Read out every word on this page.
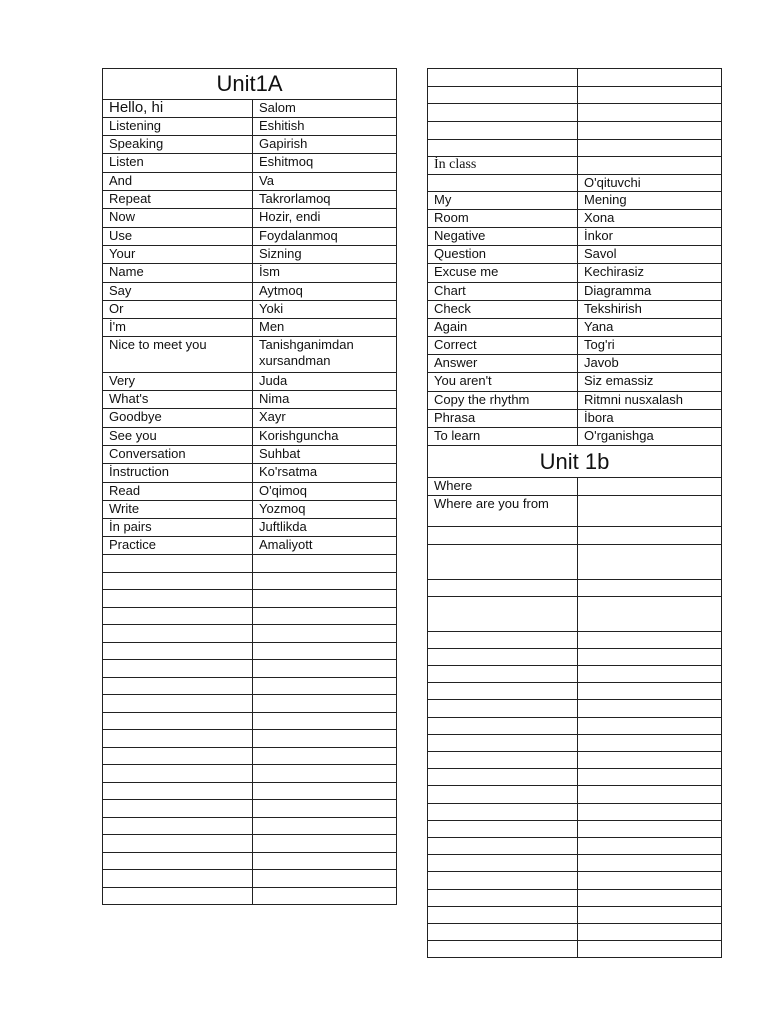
Unit1A	
Hello, hi	Salom
Listening	Eshitish
Speaking	Gapirish
Listen	Eshitmoq
And	Va
Repeat	Takrorlamoq
Now	Hozir, endi
Use	Foydalanmoq
Your	Sizning
Name	İsm
Say	Aytmoq
Or	Yoki
İ'm	Men
Nice to meet you	Tanishganimdan xursandman
Very	Juda
What's	Nima
Goodbye	Xayr
See you	Korishguncha
Conversation	Suhbat
İnstruction	Ko'rsatma
Read	O'qimoq
Write	Yozmoq
İn pairs	Juftlikda
Practice	Amaliyott

İn class	
	O'qituvchi
My	Mening
Room	Xona
Negative	İnkor
Question	Savol
Excuse me	Kechirasiz
Chart	Diagramma
Check	Tekshirish
Again	Yana
Correct	Tog'ri
Answer	Javob
You aren't	Siz emassiz
Copy the rhythm	Ritmni nusxalash
Phrasa	İbora
To learn	O'rganishga
Unit 1b	
Where	
Where are you from	
